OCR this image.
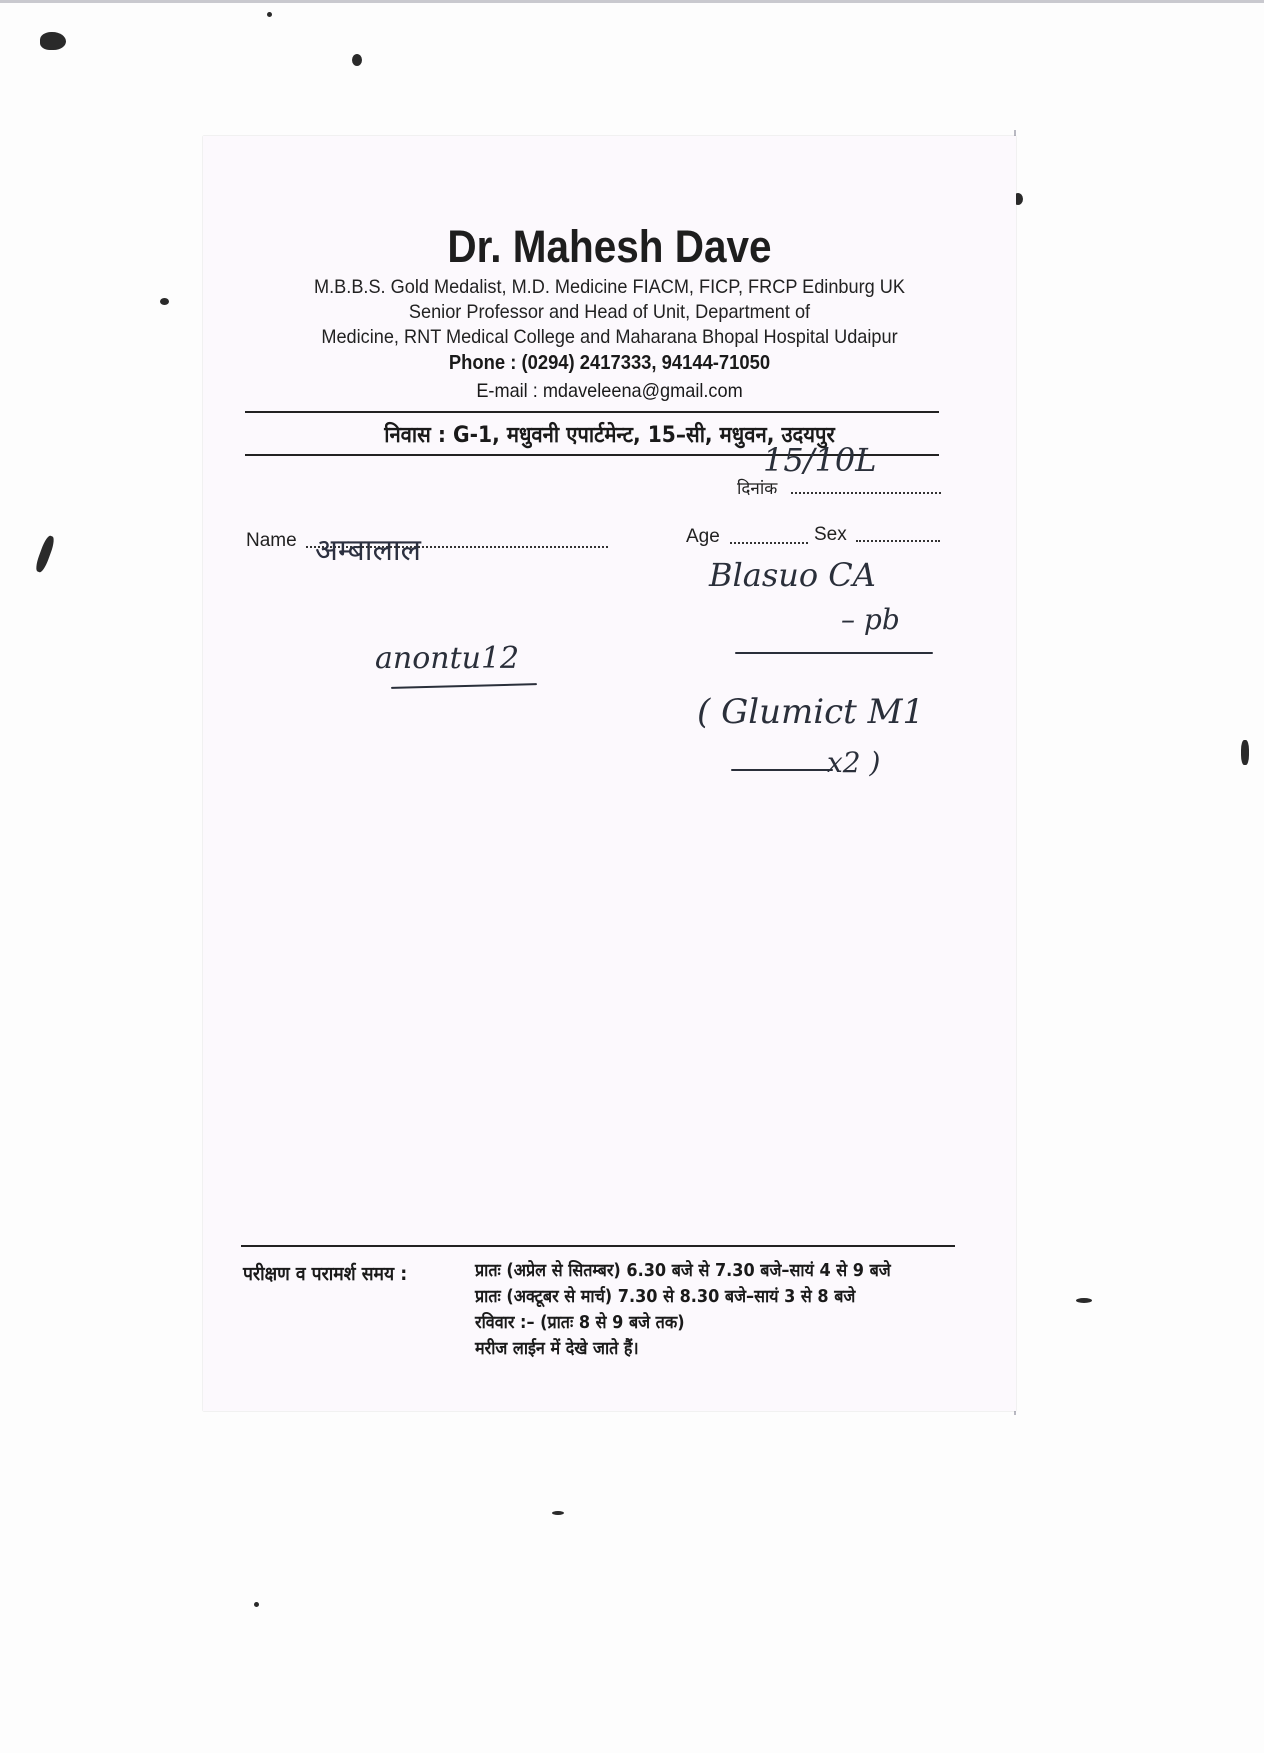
Dr. Mahesh Dave
M.B.B.S. Gold Medalist, M.D. Medicine FIACM, FICP, FRCP Edinburg UK
Senior Professor and Head of Unit, Department of
Medicine, RNT Medical College and Maharana Bhopal Hospital Udaipur
Phone : (0294) 2417333, 94144-71050
E-mail : mdaveleena@gmail.com
निवास : G-1, मधुवनी एपार्टमेन्ट, 15–सी, मधुवन, उदयपुर
दिनांक
15/10L
Name अम्बालाल	Age	Sex
anontu12
Blasuo CA
– pb
( Glumict M1
x2 )
परीक्षण व परामर्श समय :	प्रातः (अप्रेल से सितम्बर) 6.30 बजे से 7.30 बजे–सायं 4 से 9 बजे
प्रातः (अक्टूबर से मार्च) 7.30 से 8.30 बजे–सायं 3 से 8 बजे
रविवार :– (प्रातः 8 से 9 बजे तक)
मरीज लाईन में देखे जाते हैं।
